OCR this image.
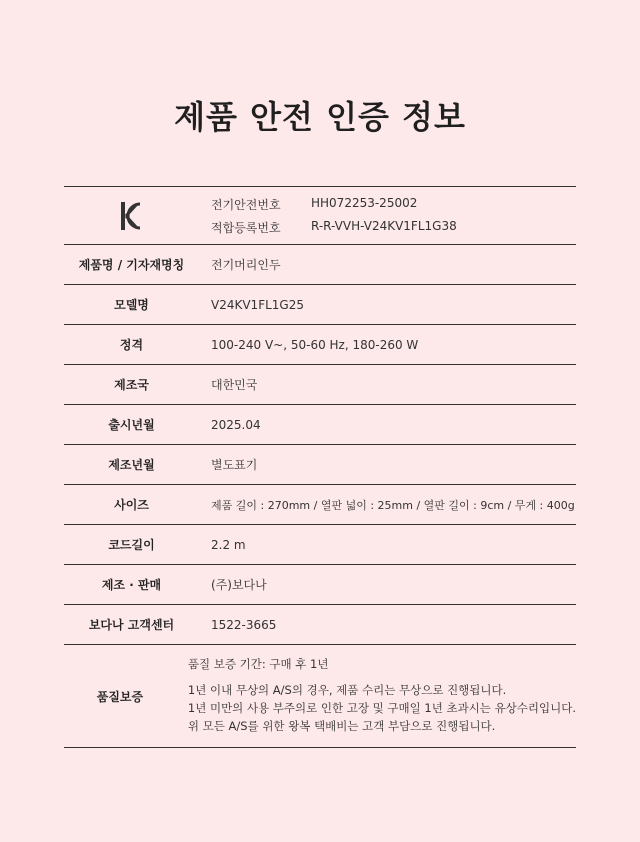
제품 안전 인증 정보
전기안전번호	HH072253-25002
적합등록번호	R-R-VVH-V24KV1FL1G38
제품명 / 기자재명칭	전기머리인두
모델명	V24KV1FL1G25
정격	100-240 V~, 50-60 Hz, 180-260 W
제조국	대한민국
출시년월	2025.04
제조년월	별도표기
사이즈	제품 길이 : 270mm / 열판 넓이 : 25mm / 열판 길이 : 9cm / 무게 : 400g
코드길이	2.2 m
제조 · 판매	(주)보다나
보다나 고객센터	1522-3665
품질보증
품질 보증 기간: 구매 후 1년
1년 이내 무상의 A/S의 경우, 제품 수리는 무상으로 진행됩니다.
1년 미만의 사용 부주의로 인한 고장 및 구매일 1년 초과시는 유상수리입니다.
위 모든 A/S를 위한 왕복 택배비는 고객 부담으로 진행됩니다.
